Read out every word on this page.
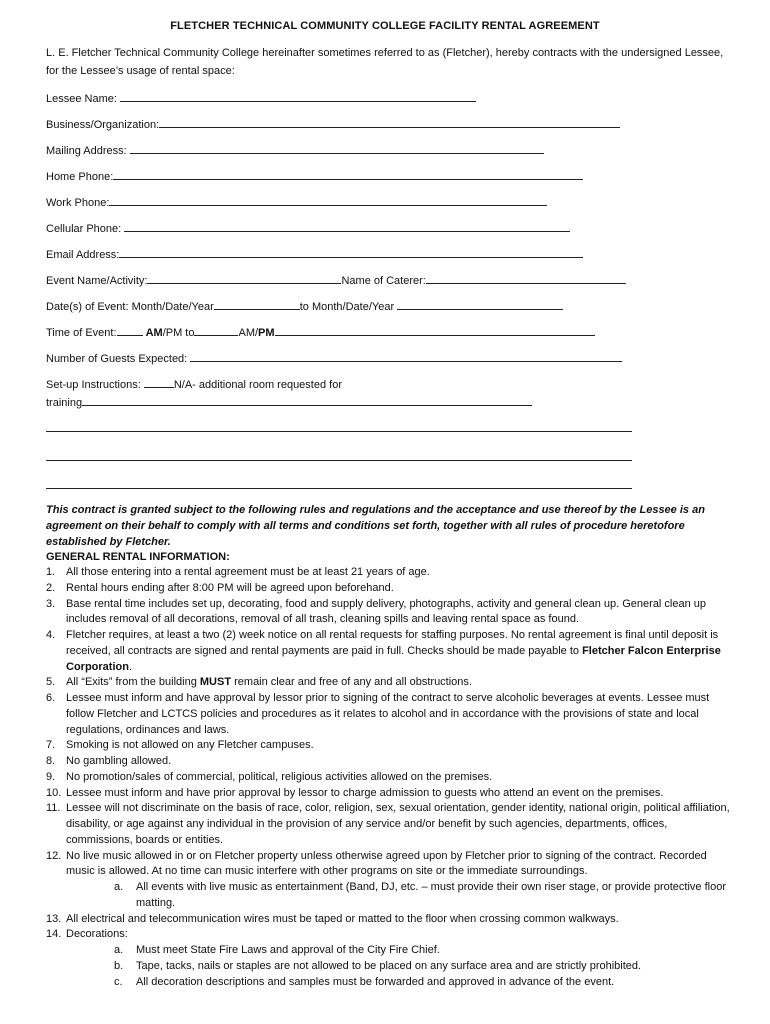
FLETCHER TECHNICAL COMMUNITY COLLEGE FACILITY RENTAL AGREEMENT
L. E. Fletcher Technical Community College hereinafter sometimes referred to as (Fletcher), hereby contracts with the undersigned Lessee, for the Lessee’s usage of rental space:
Lessee Name:
Business/Organization:
Mailing Address:
Home Phone:
Work Phone:
Cellular Phone:
Email Address:
Event Name/Activity:	Name of Caterer:
Date(s) of Event: Month/Date/Year	to Month/Date/Year
Time of Event:	AM/PM to	AM/PM
Number of Guests Expected:
Set-up Instructions:	N/A- additional room requested for
training
This contract is granted subject to the following rules and regulations and the acceptance and use thereof by the Lessee is an agreement on their behalf to comply with all terms and conditions set forth, together with all rules of procedure heretofore established by Fletcher.
GENERAL RENTAL INFORMATION:
1. All those entering into a rental agreement must be at least 21 years of age.
2. Rental hours ending after 8:00 PM will be agreed upon beforehand.
3. Base rental time includes set up, decorating, food and supply delivery, photographs, activity and general clean up. General clean up includes removal of all decorations, removal of all trash, cleaning spills and leaving rental space as found.
4. Fletcher requires, at least a two (2) week notice on all rental requests for staffing purposes. No rental agreement is final until deposit is received, all contracts are signed and rental payments are paid in full. Checks should be made payable to Fletcher Falcon Enterprise Corporation.
5. All “Exits” from the building MUST remain clear and free of any and all obstructions.
6. Lessee must inform and have approval by lessor prior to signing of the contract to serve alcoholic beverages at events. Lessee must follow Fletcher and LCTCS policies and procedures as it relates to alcohol and in accordance with the provisions of state and local regulations, ordinances and laws.
7. Smoking is not allowed on any Fletcher campuses.
8. No gambling allowed.
9. No promotion/sales of commercial, political, religious activities allowed on the premises.
10. Lessee must inform and have prior approval by lessor to charge admission to guests who attend an event on the premises.
11. Lessee will not discriminate on the basis of race, color, religion, sex, sexual orientation, gender identity, national origin, political affiliation, disability, or age against any individual in the provision of any service and/or benefit by such agencies, departments, offices, commissions, boards or entities.
12. No live music allowed in or on Fletcher property unless otherwise agreed upon by Fletcher prior to signing of the contract. Recorded music is allowed. At no time can music interfere with other programs on site or the immediate surroundings.
a. All events with live music as entertainment (Band, DJ, etc. – must provide their own riser stage, or provide protective floor matting.
13. All electrical and telecommunication wires must be taped or matted to the floor when crossing common walkways.
14. Decorations:
a. Must meet State Fire Laws and approval of the City Fire Chief.
b. Tape, tacks, nails or staples are not allowed to be placed on any surface area and are strictly prohibited.
c. All decoration descriptions and samples must be forwarded and approved in advance of the event.
